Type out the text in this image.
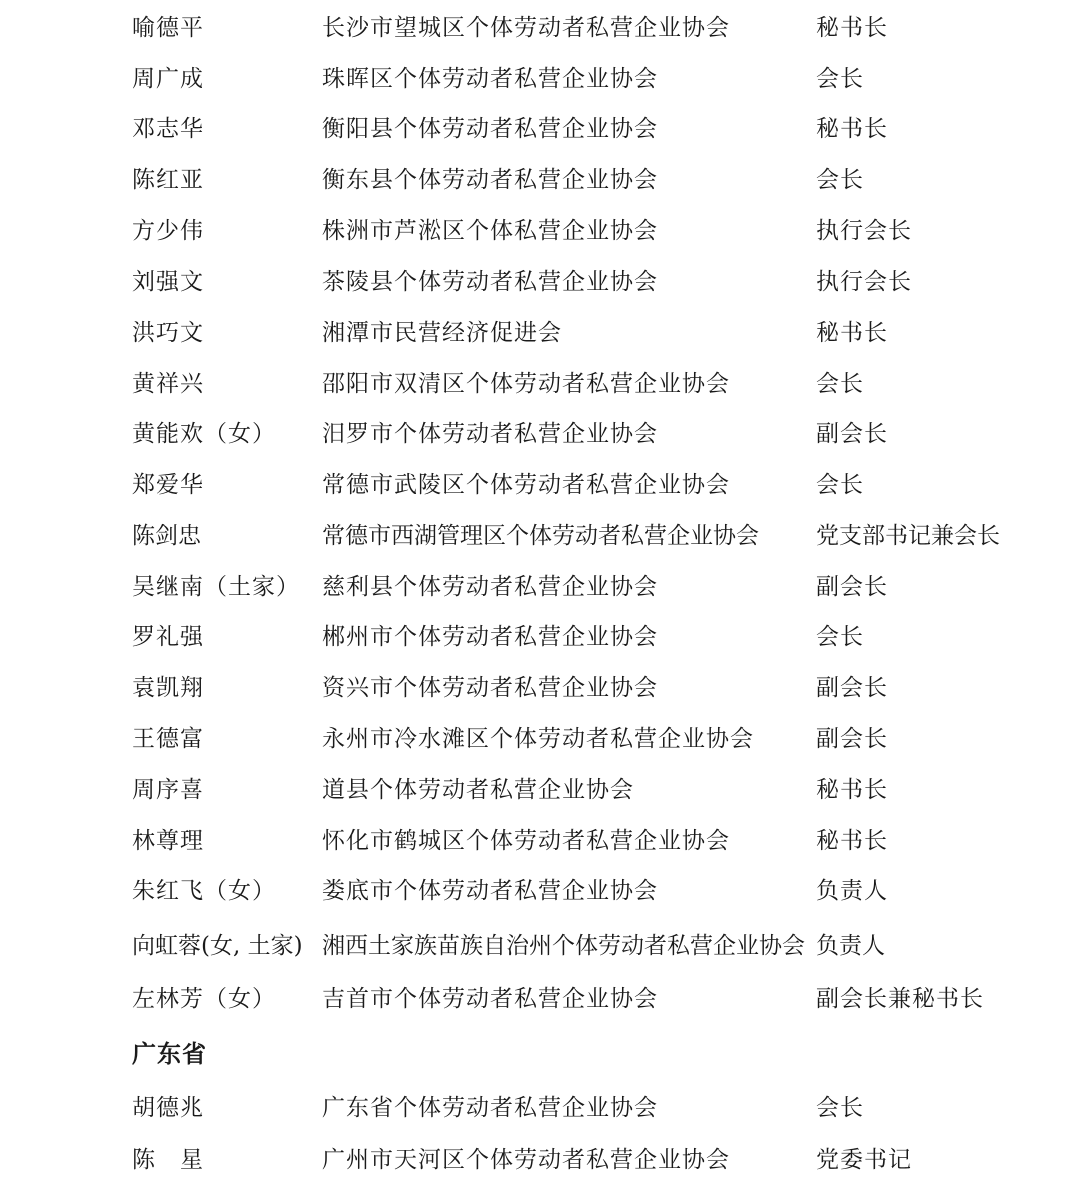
喻德平	长沙市望城区个体劳动者私营企业协会	秘书长
周广成	珠晖区个体劳动者私营企业协会	会长
邓志华	衡阳县个体劳动者私营企业协会	秘书长
陈红亚	衡东县个体劳动者私营企业协会	会长
方少伟	株洲市芦淞区个体私营企业协会	执行会长
刘强文	茶陵县个体劳动者私营企业协会	执行会长
洪巧文	湘潭市民营经济促进会	秘书长
黄祥兴	邵阳市双清区个体劳动者私营企业协会	会长
黄能欢（女） 汨罗市个体劳动者私营企业协会	副会长
郑爱华	常德市武陵区个体劳动者私营企业协会	会长
陈剑忠	常德市西湖管理区个体劳动者私营企业协会 党支部书记兼会长
吴继南（土家） 慈利县个体劳动者私营企业协会	副会长
罗礼强	郴州市个体劳动者私营企业协会	会长
袁凯翔	资兴市个体劳动者私营企业协会	副会长
王德富	永州市冷水滩区个体劳动者私营企业协会	副会长
周序喜	道县个体劳动者私营企业协会	秘书长
林尊理	怀化市鹤城区个体劳动者私营企业协会	秘书长
朱红飞（女） 娄底市个体劳动者私营企业协会	负责人
向虹蓉(女, 土家) 湘西土家族苗族自治州个体劳动者私营企业协会 负责人
左林芳（女） 吉首市个体劳动者私营企业协会	副会长兼秘书长
广东省
胡德兆	广东省个体劳动者私营企业协会	会长
陈　星	广州市天河区个体劳动者私营企业协会	党委书记
